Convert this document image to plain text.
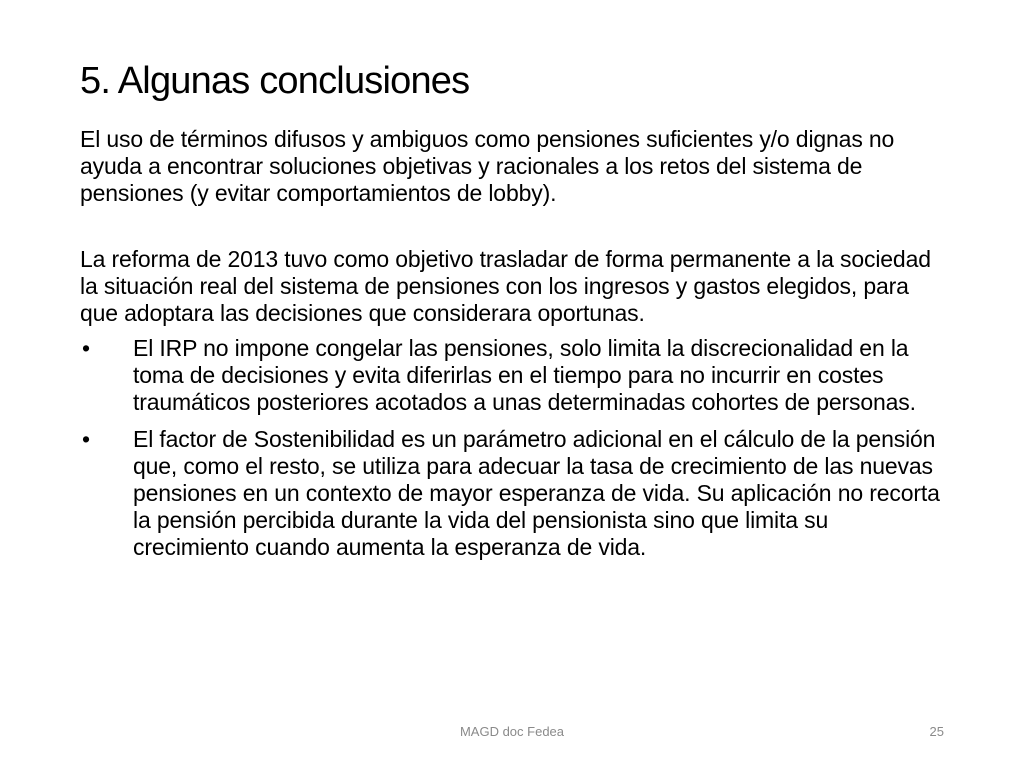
5. Algunas conclusiones

El uso de términos difusos y ambiguos como pensiones suficientes y/o dignas no ayuda a encontrar soluciones objetivas y racionales a los retos del sistema de pensiones (y evitar comportamientos de lobby).

La reforma de 2013 tuvo como objetivo trasladar de forma permanente a la sociedad la situación real del sistema de pensiones con los ingresos y gastos elegidos, para que adoptara las decisiones que considerara oportunas.

•	El IRP no impone congelar las pensiones, solo limita la discrecionalidad en la toma de decisiones y evita diferirlas en el tiempo para no incurrir en costes traumáticos posteriores acotados a unas determinadas cohortes de personas.
•	El factor de Sostenibilidad es un parámetro adicional en el cálculo de la pensión que, como el resto, se utiliza para adecuar la tasa de crecimiento de las nuevas pensiones en un contexto de mayor esperanza de vida. Su aplicación no recorta la pensión percibida durante la vida del pensionista sino que limita su crecimiento cuando aumenta la esperanza de vida.
MAGD doc Fedea	25
